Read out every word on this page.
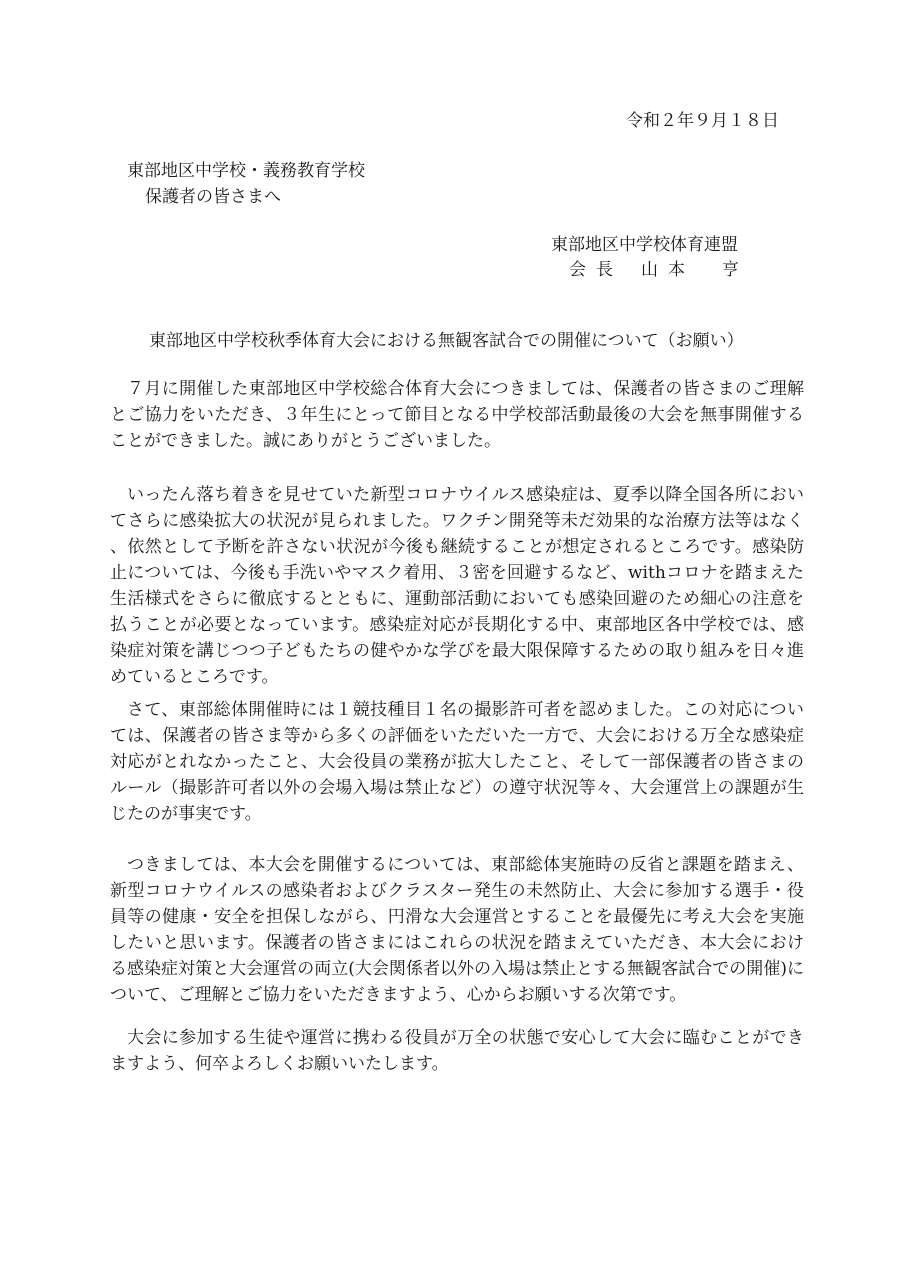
令和２年９月１８日
東部地区中学校・義務教育学校
保護者の皆さまへ
東部地区中学校体育連盟
会長 山本　亨
東部地区中学校秋季体育大会における無観客試合での開催について（お願い）

７月に開催した東部地区中学校総合体育大会につきましては、保護者の皆さまのご理解とご協力をいただき、３年生にとって節目となる中学校部活動最後の大会を無事開催することができました。誠にありがとうございました。

いったん落ち着きを見せていた新型コロナウイルス感染症は、夏季以降全国各所においてさらに感染拡大の状況が見られました。ワクチン開発等未だ効果的な治療方法等はなく、依然として予断を許さない状況が今後も継続することが想定されるところです。感染防止については、今後も手洗いやマスク着用、３密を回避するなど、withコロナを踏まえた生活様式をさらに徹底するとともに、運動部活動においても感染回避のため細心の注意を払うことが必要となっています。感染症対応が長期化する中、東部地区各中学校では、感染症対策を講じつつ子どもたちの健やかな学びを最大限保障するための取り組みを日々進めているところです。

さて、東部総体開催時には１競技種目１名の撮影許可者を認めました。この対応については、保護者の皆さま等から多くの評価をいただいた一方で、大会における万全な感染症対応がとれなかったこと、大会役員の業務が拡大したこと、そして一部保護者の皆さまのルール（撮影許可者以外の会場入場は禁止など）の遵守状況等々、大会運営上の課題が生じたのが事実です。

つきましては、本大会を開催するについては、東部総体実施時の反省と課題を踏まえ、新型コロナウイルスの感染者およびクラスター発生の未然防止、大会に参加する選手・役員等の健康・安全を担保しながら、円滑な大会運営とすることを最優先に考え大会を実施したいと思います。保護者の皆さまにはこれらの状況を踏まえていただき、本大会における感染症対策と大会運営の両立(大会関係者以外の入場は禁止とする無観客試合での開催)について、ご理解とご協力をいただきますよう、心からお願いする次第です。

大会に参加する生徒や運営に携わる役員が万全の状態で安心して大会に臨むことができますよう、何卒よろしくお願いいたします。
